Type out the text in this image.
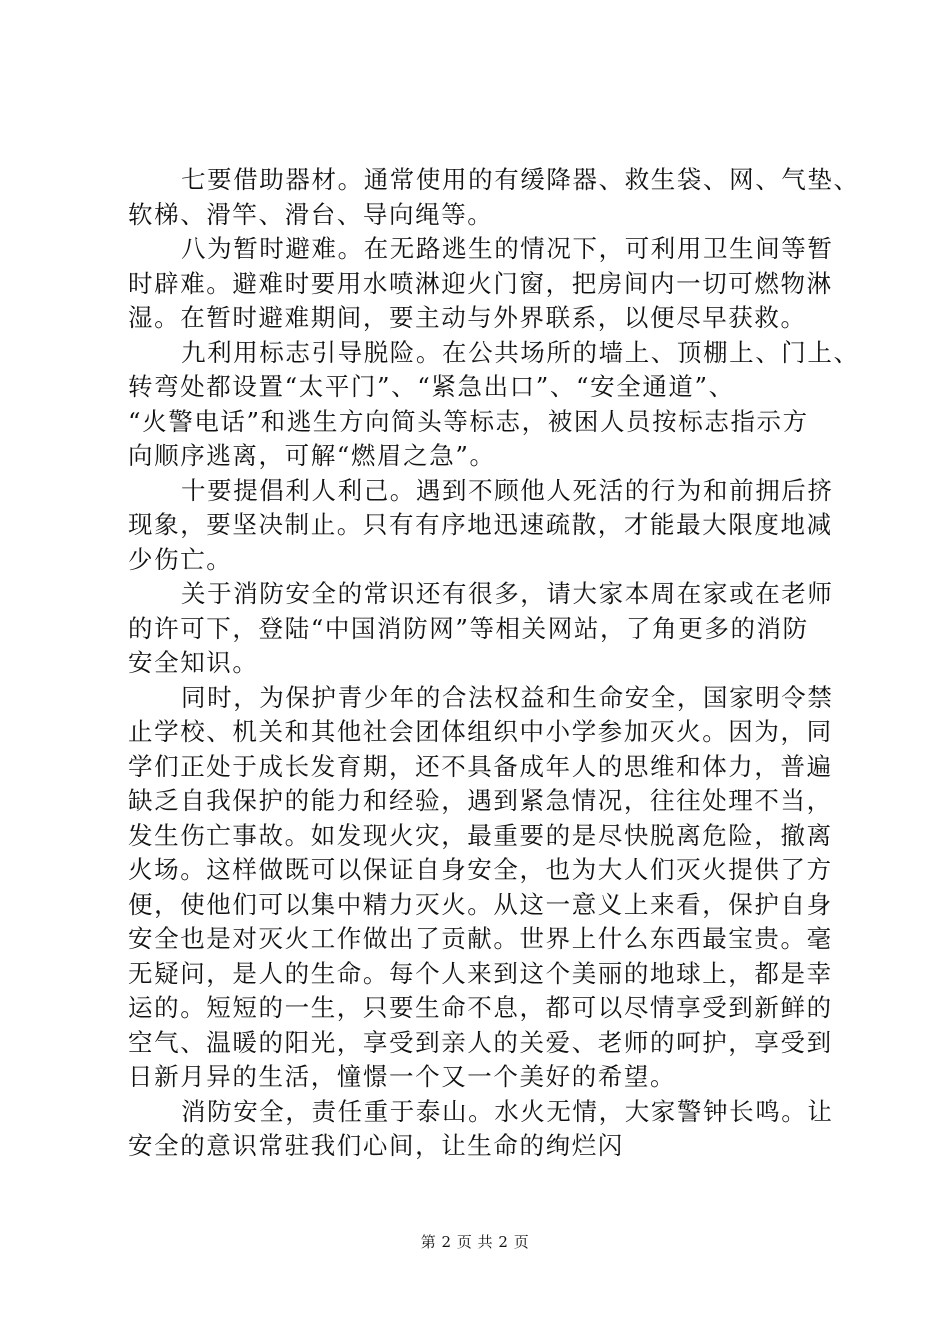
七要借助器材。通常使用的有缓降器、救生袋、网、气垫、
软梯、滑竿、滑台、导向绳等。
八为暂时避难。在无路逃生的情况下，可利用卫生间等暂
时辟难。避难时要用水喷淋迎火门窗，把房间内一切可燃物淋
湿。在暂时避难期间，要主动与外界联系，以便尽早获救。
九利用标志引导脱险。在公共场所的墙上、顶棚上、门上、
转弯处都设置“太平门”、“紧急出口”、“安全通道”、
“火警电话”和逃生方向简头等标志，被困人员按标志指示方
向顺序逃离，可解“燃眉之急”。
十要提倡利人利己。遇到不顾他人死活的行为和前拥后挤
现象，要坚决制止。只有有序地迅速疏散，才能最大限度地减
少伤亡。
关于消防安全的常识还有很多，请大家本周在家或在老师
的许可下，登陆“中国消防网”等相关网站，了角更多的消防
安全知识。
同时，为保护青少年的合法权益和生命安全，国家明令禁
止学校、机关和其他社会团体组织中小学参加灭火。因为，同
学们正处于成长发育期，还不具备成年人的思维和体力，普遍
缺乏自我保护的能力和经验，遇到紧急情况，往往处理不当，
发生伤亡事故。如发现火灾，最重要的是尽快脱离危险，撤离
火场。这样做既可以保证自身安全，也为大人们灭火提供了方
便，使他们可以集中精力灭火。从这一意义上来看，保护自身
安全也是对灭火工作做出了贡献。世界上什么东西最宝贵。毫
无疑问，是人的生命。每个人来到这个美丽的地球上，都是幸
运的。短短的一生，只要生命不息，都可以尽情享受到新鲜的
空气、温暖的阳光，享受到亲人的关爱、老师的呵护，享受到
日新月异的生活，憧憬一个又一个美好的希望。
消防安全，责任重于泰山。水火无情，大家警钟长鸣。让
安全的意识常驻我们心间，让生命的绚烂闪
第 2 页 共 2 页
